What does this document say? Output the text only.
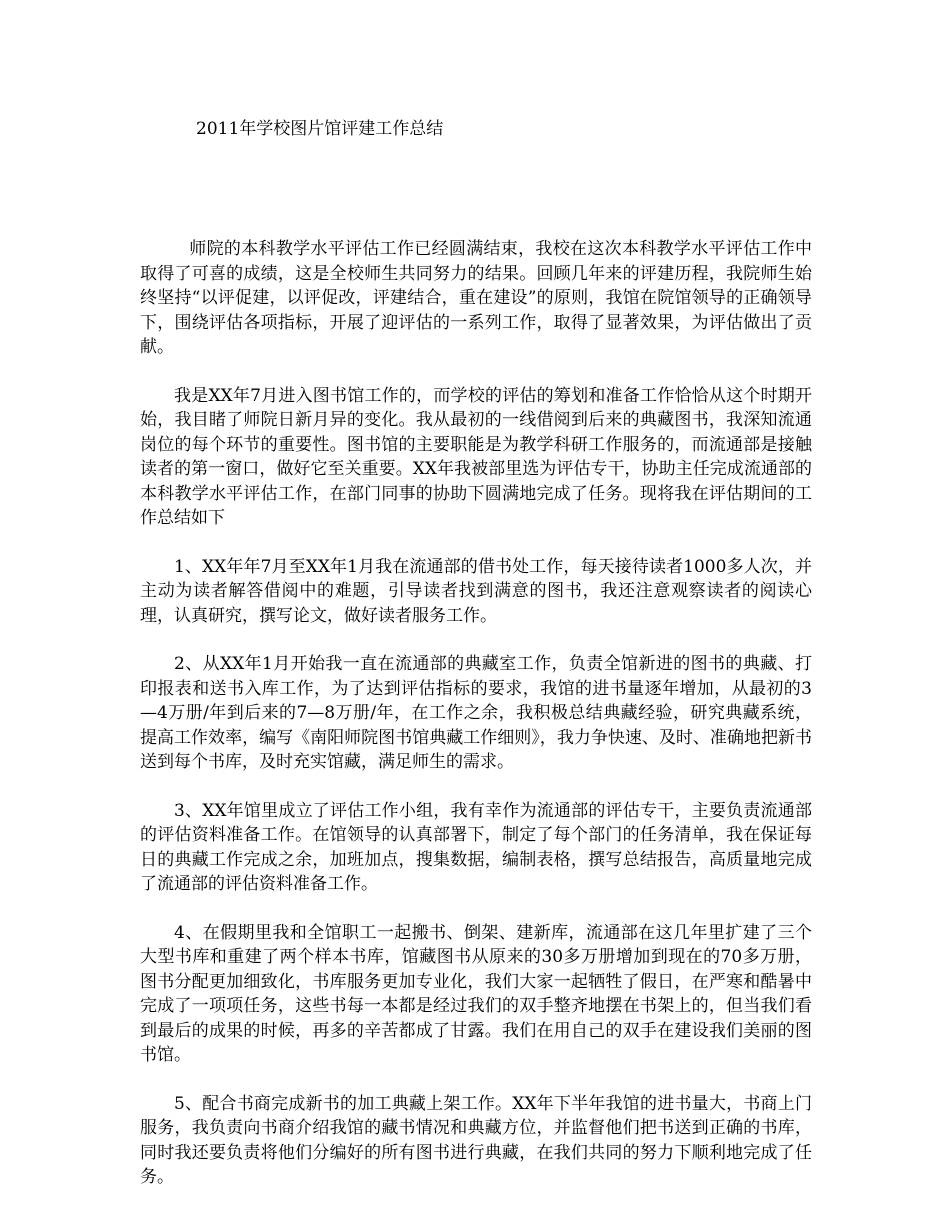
2011年学校图片馆评建工作总结

师院的本科教学水平评估工作已经圆满结束，我校在这次本科教学水平评估工作中取得了可喜的成绩，这是全校师生共同努力的结果。回顾几年来的评建历程，我院师生始终坚持“以评促建，以评促改，评建结合，重在建设”的原则，我馆在院馆领导的正确领导下，围绕评估各项指标，开展了迎评估的一系列工作，取得了显著效果，为评估做出了贡献。

我是XX年7月进入图书馆工作的，而学校的评估的筹划和准备工作恰恰从这个时期开始，我目睹了师院日新月异的变化。我从最初的一线借阅到后来的典藏图书，我深知流通岗位的每个环节的重要性。图书馆的主要职能是为教学科研工作服务的，而流通部是接触读者的第一窗口，做好它至关重要。XX年我被部里选为评估专干，协助主任完成流通部的本科教学水平评估工作，在部门同事的协助下圆满地完成了任务。现将我在评估期间的工作总结如下

1、XX年年7月至XX年1月我在流通部的借书处工作，每天接待读者1000多人次，并主动为读者解答借阅中的难题，引导读者找到满意的图书，我还注意观察读者的阅读心理，认真研究，撰写论文，做好读者服务工作。

2、从XX年1月开始我一直在流通部的典藏室工作，负责全馆新进的图书的典藏、打印报表和送书入库工作，为了达到评估指标的要求，我馆的进书量逐年增加，从最初的3—4万册/年到后来的7—8万册/年，在工作之余，我积极总结典藏经验，研究典藏系统，提高工作效率，编写《南阳师院图书馆典藏工作细则》，我力争快速、及时、准确地把新书送到每个书库，及时充实馆藏，满足师生的需求。

3、XX年馆里成立了评估工作小组，我有幸作为流通部的评估专干，主要负责流通部的评估资料准备工作。在馆领导的认真部署下，制定了每个部门的任务清单，我在保证每日的典藏工作完成之余，加班加点，搜集数据，编制表格，撰写总结报告，高质量地完成了流通部的评估资料准备工作。

4、在假期里我和全馆职工一起搬书、倒架、建新库，流通部在这几年里扩建了三个大型书库和重建了两个样本书库，馆藏图书从原来的30多万册增加到现在的70多万册，图书分配更加细致化，书库服务更加专业化，我们大家一起牺牲了假日，在严寒和酷暑中完成了一项项任务，这些书每一本都是经过我们的双手整齐地摆在书架上的，但当我们看到最后的成果的时候，再多的辛苦都成了甘露。我们在用自己的双手在建设我们美丽的图书馆。

5、配合书商完成新书的加工典藏上架工作。XX年下半年我馆的进书量大，书商上门服务，我负责向书商介绍我馆的藏书情况和典藏方位，并监督他们把书送到正确的书库，同时我还要负责将他们分编好的所有图书进行典藏，在我们共同的努力下顺利地完成了任务。
